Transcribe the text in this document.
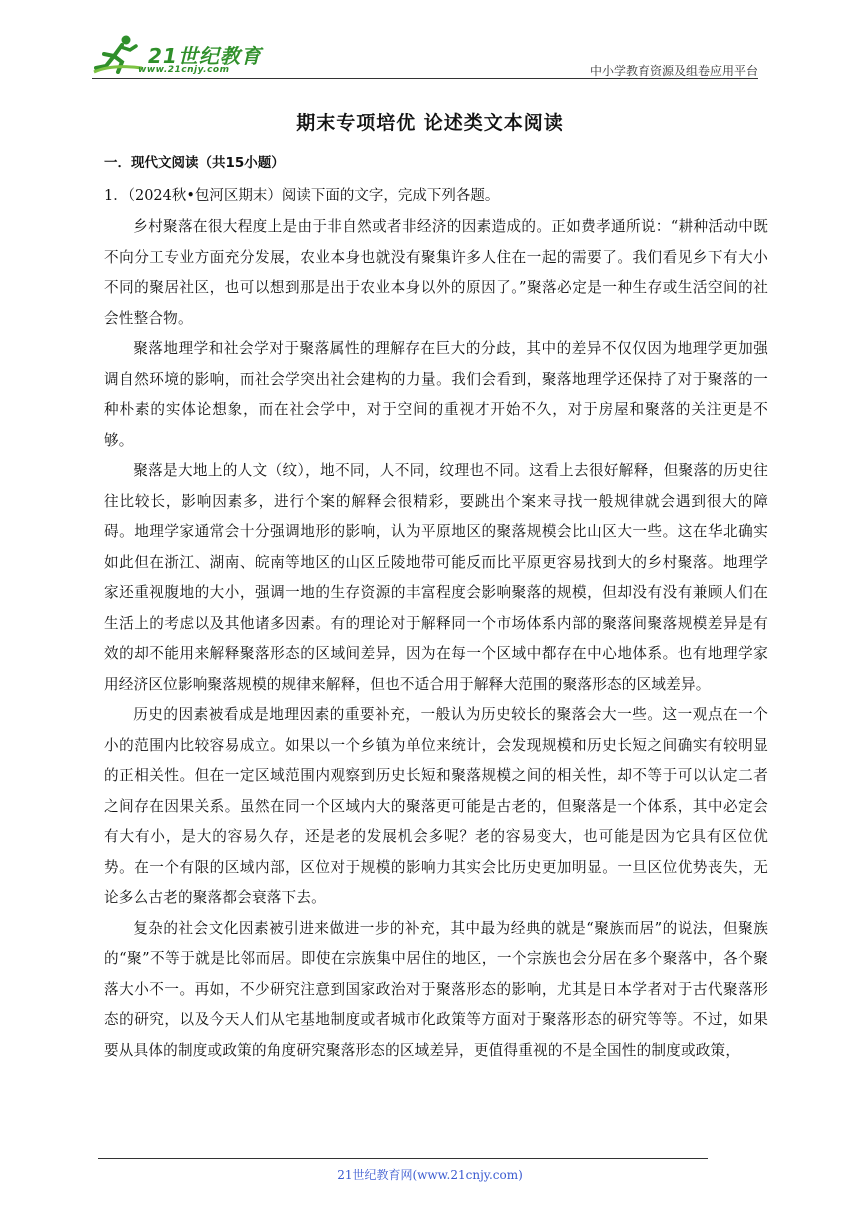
21世纪教育
www.21cnjy.com	中小学教育资源及组卷应用平台
期末专项培优 论述类文本阅读
一．现代文阅读（共15小题）
1．（2024秋•包河区期末）阅读下面的文字，完成下列各题。

乡村聚落在很大程度上是由于非自然或者非经济的因素造成的。正如费孝通所说：“耕种活动中既不向分工专业方面充分发展，农业本身也就没有聚集许多人住在一起的需要了。我们看见乡下有大小不同的聚居社区，也可以想到那是出于农业本身以外的原因了。”聚落必定是一种生存或生活空间的社会性整合物。

聚落地理学和社会学对于聚落属性的理解存在巨大的分歧，其中的差异不仅仅因为地理学更加强调自然环境的影响，而社会学突出社会建构的力量。我们会看到，聚落地理学还保持了对于聚落的一种朴素的实体论想象，而在社会学中，对于空间的重视才开始不久，对于房屋和聚落的关注更是不够。

聚落是大地上的人文（纹），地不同，人不同，纹理也不同。这看上去很好解释，但聚落的历史往往比较长，影响因素多，进行个案的解释会很精彩，要跳出个案来寻找一般规律就会遇到很大的障碍。地理学家通常会十分强调地形的影响，认为平原地区的聚落规模会比山区大一些。这在华北确实如此但在浙江、湖南、皖南等地区的山区丘陵地带可能反而比平原更容易找到大的乡村聚落。地理学家还重视腹地的大小，强调一地的生存资源的丰富程度会影响聚落的规模，但却没有没有兼顾人们在生活上的考虑以及其他诸多因素。有的理论对于解释同一个市场体系内部的聚落间聚落规模差异是有效的却不能用来解释聚落形态的区域间差异，因为在每一个区域中都存在中心地体系。也有地理学家用经济区位影响聚落规模的规律来解释，但也不适合用于解释大范围的聚落形态的区域差异。

历史的因素被看成是地理因素的重要补充，一般认为历史较长的聚落会大一些。这一观点在一个小的范围内比较容易成立。如果以一个乡镇为单位来统计，会发现规模和历史长短之间确实有较明显的正相关性。但在一定区域范围内观察到历史长短和聚落规模之间的相关性，却不等于可以认定二者之间存在因果关系。虽然在同一个区域内大的聚落更可能是古老的，但聚落是一个体系，其中必定会有大有小，是大的容易久存，还是老的发展机会多呢？老的容易变大，也可能是因为它具有区位优势。在一个有限的区域内部，区位对于规模的影响力其实会比历史更加明显。一旦区位优势丧失，无论多么古老的聚落都会衰落下去。

复杂的社会文化因素被引进来做进一步的补充，其中最为经典的就是“聚族而居”的说法，但聚族的“聚”不等于就是比邻而居。即使在宗族集中居住的地区，一个宗族也会分居在多个聚落中，各个聚落大小不一。再如，不少研究注意到国家政治对于聚落形态的影响，尤其是日本学者对于古代聚落形态的研究，以及今天人们从宅基地制度或者城市化政策等方面对于聚落形态的研究等等。不过，如果要从具体的制度或政策的角度研究聚落形态的区域差异，更值得重视的不是全国性的制度或政策，

21世纪教育网(www.21cnjy.com)
